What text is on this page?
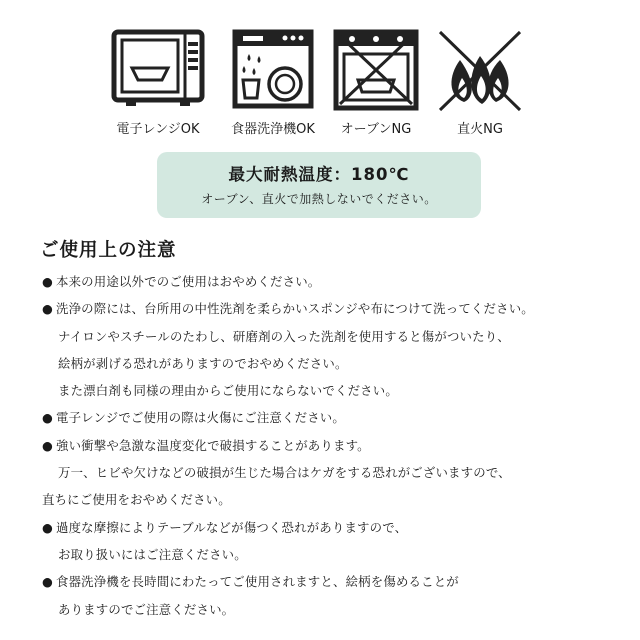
電子レンジOK	食器洗浄機OK	オーブンNG	直火NG
最大耐熱温度：180℃
オーブン、直火で加熱しないでください。
ご使用上の注意
● 本来の用途以外でのご使用はおやめください。
● 洗浄の際には、台所用の中性洗剤を柔らかいスポンジや布につけて洗ってください。
ナイロンやスチールのたわし、研磨剤の入った洗剤を使用すると傷がついたり、
絵柄が剥げる恐れがありますのでおやめください。
また漂白剤も同様の理由からご使用にならないでください。
● 電子レンジでご使用の際は火傷にご注意ください。
● 強い衝撃や急激な温度変化で破損することがあります。
万一、ヒビや欠けなどの破損が生じた場合はケガをする恐れがございますので、
直ちにご使用をおやめください。
● 過度な摩擦によりテーブルなどが傷つく恐れがありますので、
お取り扱いにはご注意ください。
● 食器洗浄機を長時間にわたってご使用されますと、絵柄を傷めることが
ありますのでご注意ください。
